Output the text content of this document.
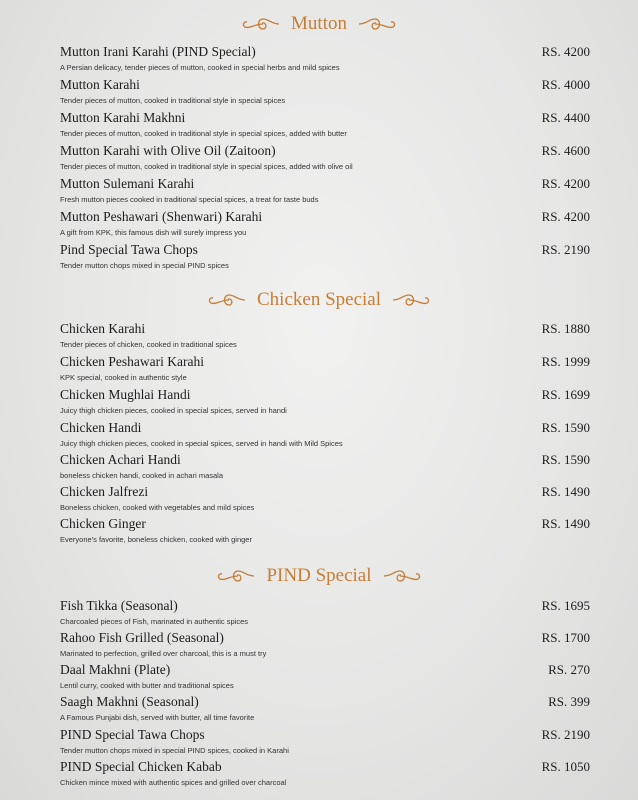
Mutton
Chicken Special
PIND Special
Mutton Irani Karahi (PIND Special)	RS. 4200
A Persian delicacy, tender pieces of mutton, cooked in special herbs and mild spices
Mutton Karahi	RS. 4000
Tender pieces of mutton, cooked in traditional style in special spices
Mutton Karahi Makhni	RS. 4400
Tender pieces of mutton, cooked in traditional style in special spices, added with butter
Mutton Karahi with Olive Oil (Zaitoon)	RS. 4600
Tender pieces of mutton, cooked in traditional style in special spices, added with olive oil
Mutton Sulemani Karahi	RS. 4200
Fresh mutton pieces cooked in traditional special spices, a treat for taste buds
Mutton Peshawari (Shenwari) Karahi	RS. 4200
A gift from KPK, this famous dish will surely impress you
Pind Special Tawa Chops	RS. 2190
Tender mutton chops mixed in special PIND spices
Chicken Karahi	RS. 1880
Tender pieces of chicken, cooked in traditional spices
Chicken Peshawari Karahi	RS. 1999
KPK special, cooked in authentic style
Chicken Mughlai Handi	RS. 1699
Juicy thigh chicken pieces, cooked in special spices, served in handi
Chicken Handi	RS. 1590
Juicy thigh chicken pieces, cooked in special spices, served in handi with Mild Spices
Chicken Achari Handi	RS. 1590
boneless chicken handi, cooked in achari masala
Chicken Jalfrezi	RS. 1490
Boneless chicken, cooked with vegetables and mild spices
Chicken Ginger	RS. 1490
Everyone's favorite, boneless chicken, cooked with ginger
Fish Tikka (Seasonal)	RS. 1695
Charcoaled pieces of Fish, marinated in authentic spices
Rahoo Fish Grilled (Seasonal)	RS. 1700
Marinated to perfection, grilled over charcoal, this is a must try
Daal Makhni (Plate)	RS. 270
Lentil curry, cooked with butter and traditional spices
Saagh Makhni (Seasonal)	RS. 399
A Famous Punjabi dish, served with butter, all time favorite
PIND Special Tawa Chops	RS. 2190
Tender mutton chops mixed in special PIND spices, cooked in Karahi
PIND Special Chicken Kabab	RS. 1050
Chicken mince mixed with authentic spices and grilled over charcoal
